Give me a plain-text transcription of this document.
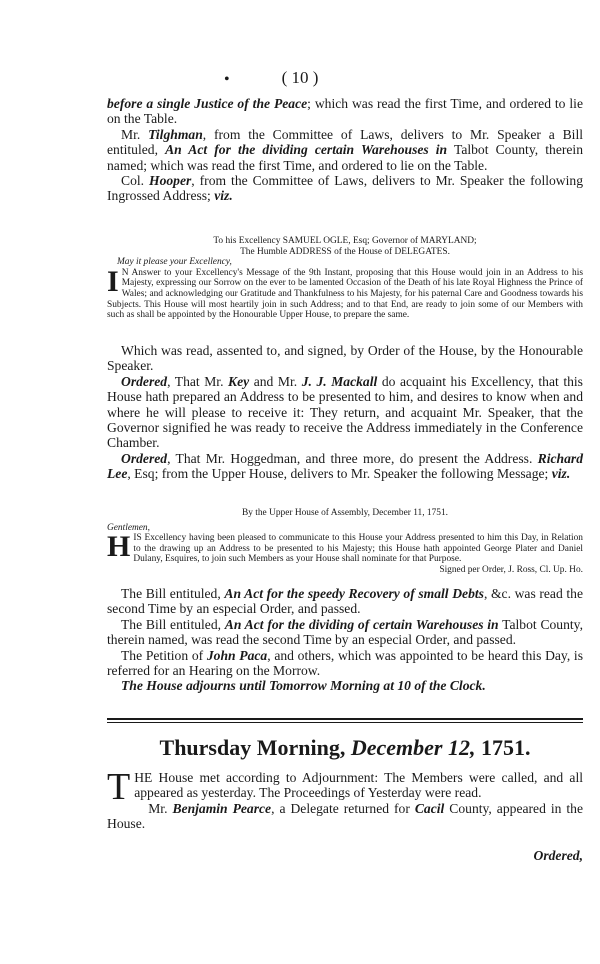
•	( 10 )

before a single Justice of the Peace; which was read the first Time, and ordered to lie on the Table.

Mr. Tilghman, from the Committee of Laws, delivers to Mr. Speaker a Bill entituled, An Act for the dividing certain Warehouses in Talbot County, therein named; which was read the first Time, and ordered to lie on the Table.

Col. Hooper, from the Committee of Laws, delivers to Mr. Speaker the following Ingrossed Address; viz.

To his Excellency SAMUEL OGLE, Esq; Governor of MARYLAND;

The Humble ADDRESS of the House of DELEGATES.

May it please your Excellency,

I N Answer to your Excellency's Message of the 9th Instant, proposing that this House would join in an Address to his Majesty, expressing our Sorrow on the ever to be lamented Occasion of the Death of his late Royal Highness the Prince of Wales; and acknowledging our Gratitude and Thankfulness to his Majesty, for his paternal Care and Goodness towards his Subjects. This House will most heartily join in such Address; and to that End, are ready to join some of our Members with such as shall be appointed by the Honourable Upper House, to prepare the same.

Which was read, assented to, and signed, by Order of the House, by the Honourable Speaker.

Ordered, That Mr. Key and Mr. J. J. Mackall do acquaint his Excellency, that this House hath prepared an Address to be presented to him, and desires to know when and where he will please to receive it: They return, and acquaint Mr. Speaker, that the Governor signified he was ready to receive the Address immediately in the Conference Chamber.

Ordered, That Mr. Hoggedman, and three more, do present the Address. Richard Lee, Esq; from the Upper House, delivers to Mr. Speaker the following Message; viz.

By the Upper House of Assembly, December 11, 1751.

Gentlemen,

HIS Excellency having been pleased to communicate to this House your Address presented to him this Day, in Relation to the drawing up an Address to be presented to his Majesty; this House hath appointed George Plater and Daniel Dulany, Esquires, to join such Members as your House shall nominate for that Purpose.

Signed per Order, J. Ross, Cl. Up. Ho.

The Bill entituled, An Act for the speedy Recovery of small Debts, &c. was read the second Time by an especial Order, and passed.

The Bill entituled, An Act for the dividing of certain Warehouses in Talbot County, therein named, was read the second Time by an especial Order, and passed.

The Petition of John Paca, and others, which was appointed to be heard this Day, is referred for an Hearing on the Morrow.

The House adjourns until Tomorrow Morning at 10 of the Clock.

Thursday Morning, December 12, 1751.

THE House met according to Adjournment: The Members were called, and all appeared as yesterday. The Proceedings of Yesterday were read.

Mr. Benjamin Pearce, a Delegate returned for Cacil County, appeared in the House.

Ordered,
